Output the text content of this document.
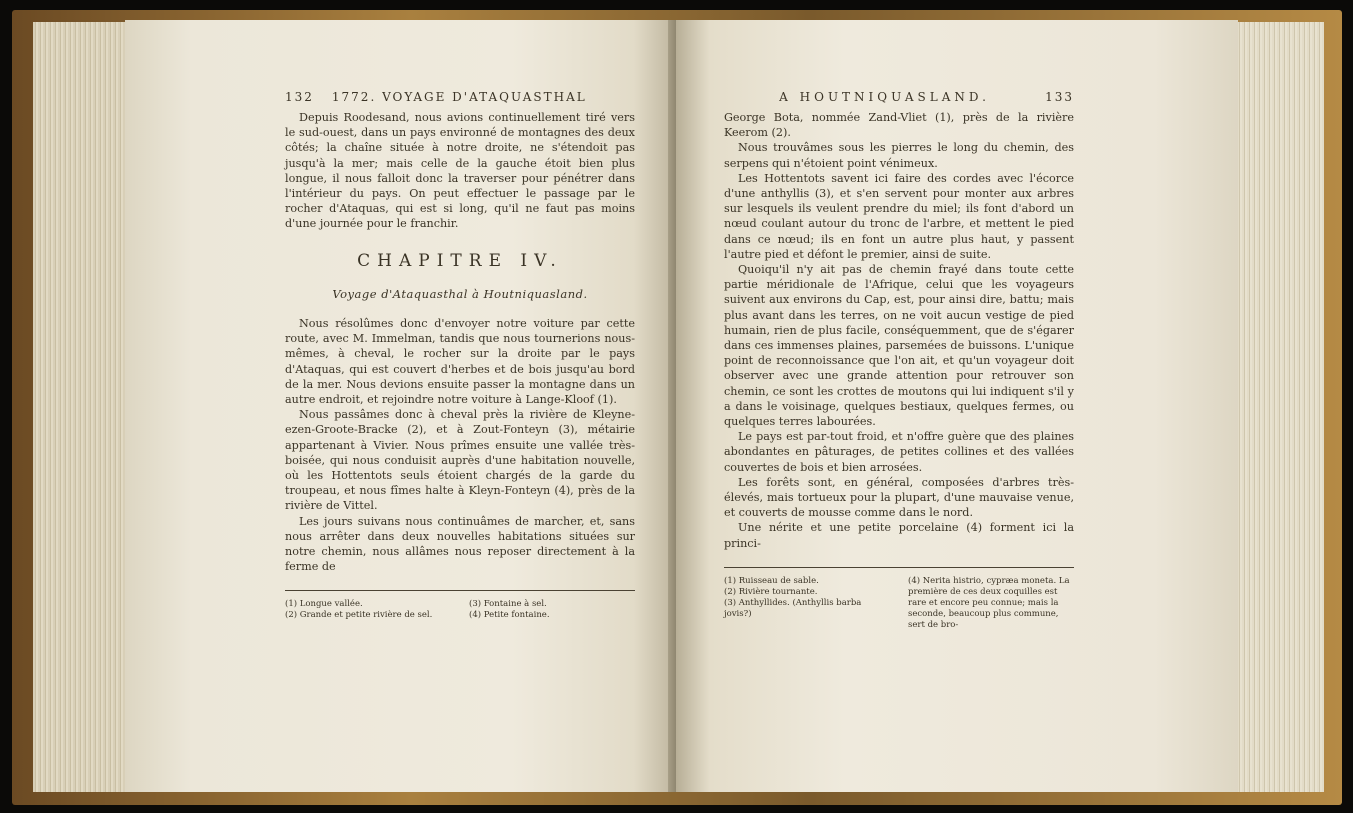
132 1772. VOYAGE D'ATAQUASTHAL

Depuis Roodesand, nous avions continuellement tiré vers le sud-ouest, dans un pays environné de montagnes des deux côtés; la chaîne située à notre droite, ne s'étendoit pas jusqu'à la mer; mais celle de la gauche étoit bien plus longue, il nous falloit donc la traverser pour pénétrer dans l'intérieur du pays. On peut effectuer le passage par le rocher d'Ataquas, qui est si long, qu'il ne faut pas moins d'une journée pour le franchir.

CHAPITRE IV.
Voyage d'Ataquasthal à Houtniquasland.

Nous résolûmes donc d'envoyer notre voiture par cette route, avec M. Immelman, tandis que nous tournerions nous-mêmes, à cheval, le rocher sur la droite par le pays d'Ataquas, qui est couvert d'herbes et de bois jusqu'au bord de la mer. Nous devions ensuite passer la montagne dans un autre endroit, et rejoindre notre voiture à Lange-Kloof (1).

Nous passâmes donc à cheval près la rivière de Kleyne-ezen-Groote-Bracke (2), et à Zout-Fonteyn (3), métairie appartenant à Vivier. Nous prîmes ensuite une vallée très-boisée, qui nous conduisit auprès d'une habitation nouvelle, où les Hottentots seuls étoient chargés de la garde du troupeau, et nous fîmes halte à Kleyn-Fonteyn (4), près de la rivière de Vittel.

Les jours suivans nous continuâmes de marcher, et, sans nous arrêter dans deux nouvelles habitations situées sur notre chemin, nous allâmes nous reposer directement à la ferme de

(1) Longue vallée.
(2) Grande et petite rivière de sel.
(3) Fontaine à sel.
(4) Petite fontaine.
A HOUTNIQUASLAND.	133

George Bota, nommée Zand-Vliet (1), près de la rivière Keerom (2).

Nous trouvâmes sous les pierres le long du chemin, des serpens qui n'étoient point vénimeux.

Les Hottentots savent ici faire des cordes avec l'écorce d'une anthyllis (3), et s'en servent pour monter aux arbres sur lesquels ils veulent prendre du miel; ils font d'abord un nœud coulant autour du tronc de l'arbre, et mettent le pied dans ce nœud; ils en font un autre plus haut, y passent l'autre pied et défont le premier, ainsi de suite.

Quoiqu'il n'y ait pas de chemin frayé dans toute cette partie méridionale de l'Afrique, celui que les voyageurs suivent aux environs du Cap, est, pour ainsi dire, battu; mais plus avant dans les terres, on ne voit aucun vestige de pied humain, rien de plus facile, conséquemment, que de s'égarer dans ces immenses plaines, parsemées de buissons. L'unique point de reconnoissance que l'on ait, et qu'un voyageur doit observer avec une grande attention pour retrouver son chemin, ce sont les crottes de moutons qui lui indiquent s'il y a dans le voisinage, quelques bestiaux, quelques fermes, ou quelques terres labourées.

Le pays est par-tout froid, et n'offre guère que des plaines abondantes en pâturages, de petites collines et des vallées couvertes de bois et bien arrosées.

Les forêts sont, en général, composées d'arbres très-élevés, mais tortueux pour la plupart, d'une mauvaise venue, et couverts de mousse comme dans le nord.

Une nérite et une petite porcelaine (4) forment ici la princi-

(1) Ruisseau de sable.
(2) Rivière tournante.
(3) Anthyllides. (Anthyllis barba jovis?)
(4) Nerita histrio, cypræa moneta. La première de ces deux coquilles est rare et encore peu connue; mais la seconde, beaucoup plus commune, sert de bro-
